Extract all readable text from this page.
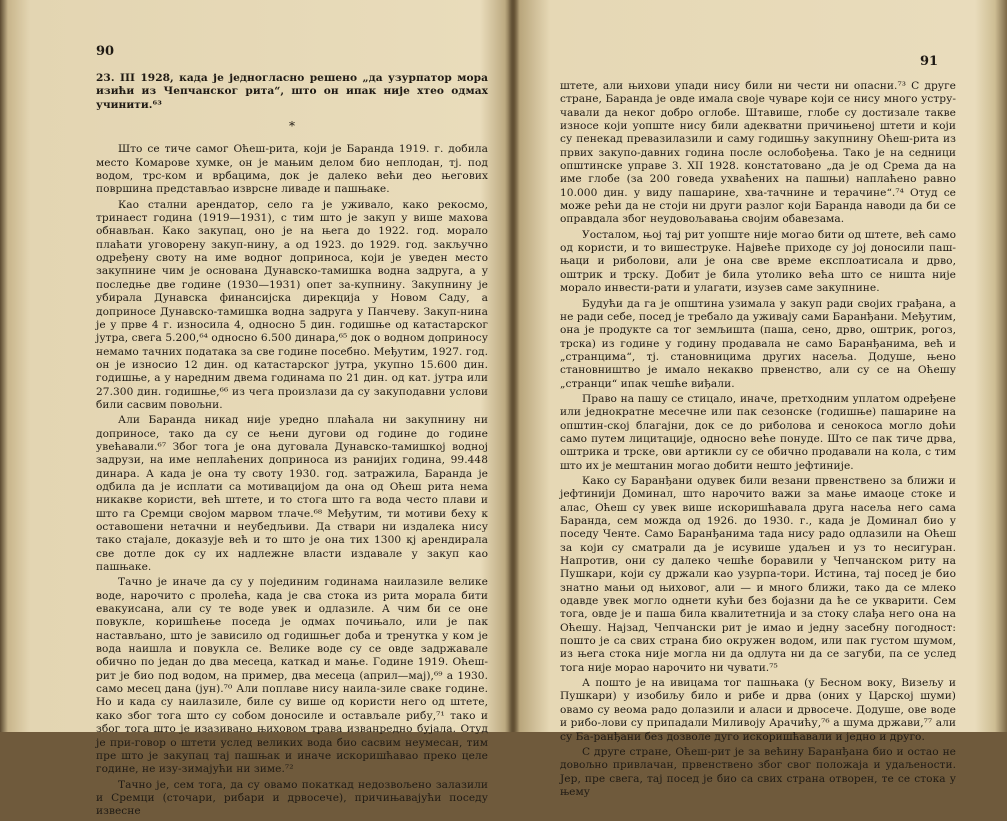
90

23. III 1928, када је једногласно решено „да узурпатор мора изићи из Чепчанског рита“, што он ипак није хтео одмах учинити.⁶³

*

Што се тиче самог Оћеш-рита, који је Баранда 1919. г. добила место Комарове хумке, он је мањим делом био неплодан, тј. под водом, трс-ком и врбацима, док је далеко већи део његових површина представљао изврсне ливаде и пашњаке.

Као стални арендатор, село га је уживало, како рекосмо, тринаест година (1919—1931), с тим што је закуп у више махова обнављан. Како закупац, оно је на њега до 1922. год. морало плаћати уговорену закуп-нину, а од 1923. до 1929. год. закључно одређену своту на име водног доприноса, који је уведен место закупнине чим је основана Дунавско-тамишка водна задруга, а у последње две године (1930—1931) опет за-купнину. Закупнину је убирала Дунавска финансијска дирекција у Новом Саду, а доприносе Дунавско-тамишка водна задруга у Панчеву. Закуп-нина је у прве 4 г. износила 4, односно 5 дин. годишње од катастарског јутра, свега 5.200,⁶⁴ односно 6.500 динара,⁶⁵ док о водном доприносу немамо тачних података за све године посебно. Међутим, 1927. год. он је износио 12 дин. од катастарског јутра, укупно 15.600 дин. годишње, а у наредним двема годинама по 21 дин. од кат. јутра или 27.300 дин. годишње,⁶⁶ из чега произлази да су закуподавни услови били сасвим повољни.

Али Баранда никад није уредно плаћала ни закупнину ни доприносе, тако да су се њени дугови од године до године увећавали.⁶⁷ Због тога је она дуговала Дунавско-тамишкој водној задрузи, на име неплаћених доприноса из ранијих година, 99.448 динара. А када је она ту своту 1930. год. затражила, Баранда је одбила да је исплати са мотивацијом да она од Оћеш рита нема никакве користи, већ штете, и то стога што га вода често плави и што га Сремци својом марвом тлаче.⁶⁸ Међутим, ти мотиви беху к оставошени нетачни и неубедљиви. Да ствари ни издалека нису тако стајале, доказује већ и то што је она тих 1300 кј арендирала све дотле док су их надлежне власти издавале у закуп као пашњаке.

Тачно је иначе да су у појединим годинама наилазиле велике воде, нарочито с пролећа, када је сва стока из рита морала бити евакуисана, али су те воде увек и одлазиле. А чим би се оне повукле, коришћење поседа је одмах почињало, или је пак настављано, што је зависило од годишњег доба и тренутка у ком је вода наишла и повукла се. Велике воде су се овде задржавале обично по један до два месеца, каткад и мање. Године 1919. Оћеш-рит је био под водом, на пример, два месеца (април—мај),⁶⁹ а 1930. само месец дана (јун).⁷⁰ Али поплаве нису наила-зиле сваке године. Но и када су наилазиле, биле су више од користи него од штете, како због тога што су собом доносиле и остављале рибу,⁷¹ тако и због тога што је изазивано њиховом трава изванредно бујала. Отуд је при-говор о штети услед великих вода био сасвим неумесан, тим пре што је закупац тај пашњак и иначе искоришћавао преко целе године, не изу-зимајући ни зиме.⁷²

Тачно је, сем тога, да су овамо покаткад недозвољено залазили и Сремци (сточари, рибари и дрвосече), причињавајући поседу извесне

91

штете, али њихови упади нису били ни чести ни опасни.⁷³ С друге стране, Баранда је овде имала своје чуваре који се нису много устру-чавали да неког добро оглобе. Штавише, глобе су достизале такве износе који уопште нису били адекватни причињеној штети и који су пенекад превазилазили и саму годишњу закупнину Оћеш-рита из првих закупо-давних година после ослобођења. Тако је на седници општинске управе 3. XII 1928. констатовано „да је од Срема да на име глобе (за 200 говеда ухваћених на пашњи) наплаћено равно 10.000 дин. у виду пашарине, хва-тачнине и терачине“.⁷⁴ Отуд се може рећи да не стоји ни други разлог који Баранда наводи да би се оправдала због неудовољавања својим обавезама.

Уосталом, њој тај рит уопште није могао бити од штете, већ само од користи, и то вишеструке. Највеће приходе су јој доносили паш-њаци и риболови, али је она све време експлоатисала и дрво, оштрик и трску. Добит је била утолико већа што се ништа није морало инвести-рати и улагати, изузев саме закупнине.

Будући да га је општина узимала у закуп ради својих грађана, а не ради себе, посед је требало да уживају сами Баранђани. Међутим, она је продукте са тог земљишта (паша, сено, дрво, оштрик, рогоз, трска) из године у годину продавала не само Баранђанима, већ и „странцима“, тј. становницима других насеља. Додуше, њено становништво је имало некакво првенство, али су се на Оћешу „странци“ ипак чешће виђали.

Право на пашу се стицало, иначе, претходним уплатом одређене или једнократне месечне или пак сезонске (годишње) пашарине на општин-ској благајни, док се до риболова и сенокоса могло доћи само путем лицитације, односно веће понуде. Што се пак тиче дрва, оштрика и трске, ови артикли су се обично продавали на кола, с тим што их је мештанин могао добити нешто јефтиније.

Како су Баранђани одувек били везани првенствено за ближи и јефтинији Доминал, што нарочито важи за мање имаоце стоке и алас, Оћеш су увек више искоришћавала друга насеља него сама Баранда, сем можда од 1926. до 1930. г., када је Доминал био у поседу Ченте. Само Баранђанима тада нису радо одлазили на Оћеш за који су сматрали да је исувише удаљен и уз то несигуран. Напротив, они су далеко чешће боравили у Чепчанском риту на Пушкари, који су држали као узурпа-тори. Истина, тај посед је био знатно мањи од њиховог, али — и много ближи, тако да се млеко одавде увек могло однети кући без бојазни да ће се укварити. Сем тога, овде је и паша била квалитетнија и за стоку слађа него она на Оћешу. Најзад, Чепчански рит је имао и једну засебну погодност: пошто је са свих страна био окружен водом, или пак густом шумом, из њега стока није могла ни да одлута ни да се загуби, па се услед тога није морао нарочито ни чувати.⁷⁵

А пошто је на ивицама тог пашњака (у Бесном воку, Визељу и Пушкари) у изобиљу било и рибе и дрва (оних у Царској шуми) овамо су веома радо долазили и аласи и дрвосече. Додуше, ове воде и рибо-лови су припадали Миливоју Арачићу,⁷⁶ а шума држави,⁷⁷ али су Ба-ранђани без дозволе дуго искоришћавали и једно и друго.

С друге стране, Оћеш-рит је за већину Баранђана био и остао не довољно привлачан, првенствено због свог положаја и удаљености. Јер, пре свега, тај посед је био са свих страна отворен, те се стока у њему
